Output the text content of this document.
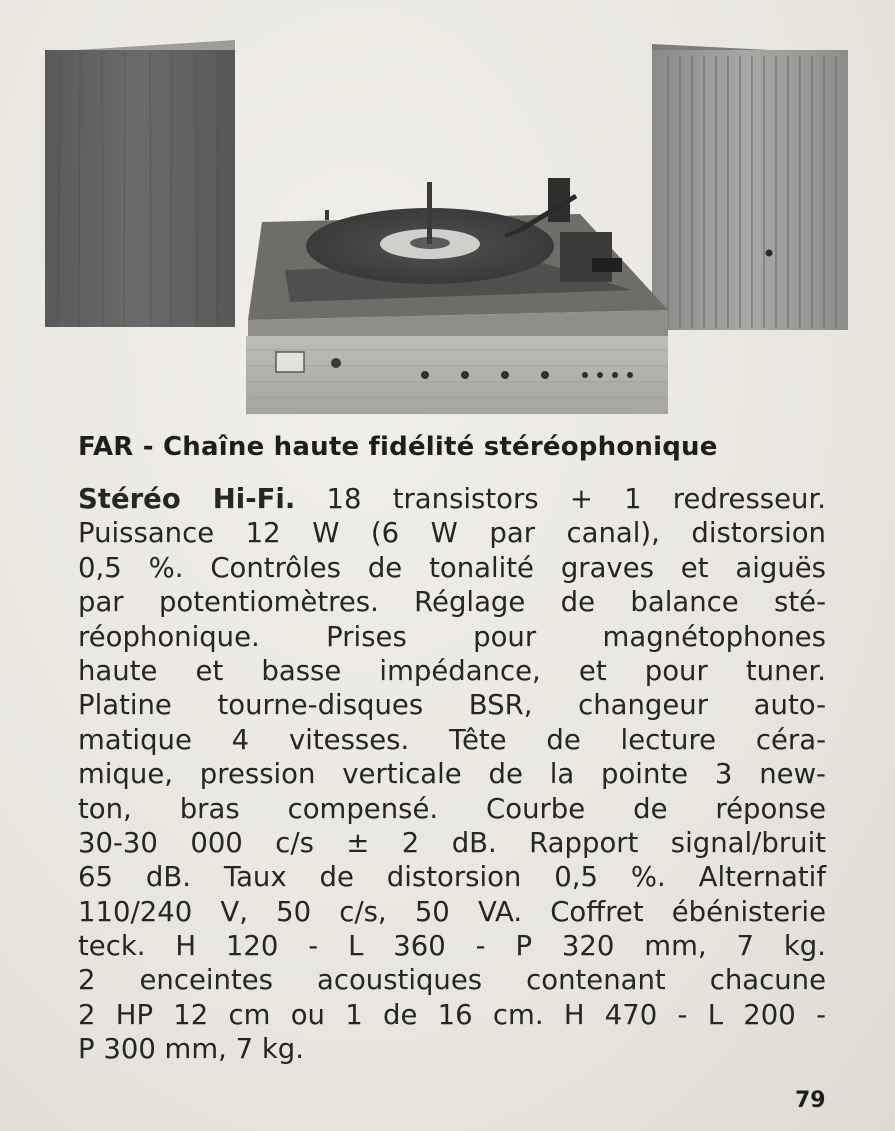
FAR - Chaîne haute fidélité stéréophonique
Stéréo Hi-Fi. 18 transistors + 1 redresseur.
Puissance 12 W (6 W par canal), distorsion
0,5 %. Contrôles de tonalité graves et aiguës
par potentiomètres. Réglage de balance sté-
réophonique. Prises pour magnétophones
haute et basse impédance, et pour tuner.
Platine tourne-disques BSR, changeur auto-
matique 4 vitesses. Tête de lecture céra-
mique, pression verticale de la pointe 3 new-
ton, bras compensé. Courbe de réponse
30-30 000 c/s ± 2 dB. Rapport signal/bruit
65 dB. Taux de distorsion 0,5 %. Alternatif
110/240 V, 50 c/s, 50 VA. Coffret ébénisterie
teck. H 120 - L 360 - P 320 mm, 7 kg.
2 enceintes acoustiques contenant chacune
2 HP 12 cm ou 1 de 16 cm. H 470 - L 200 -
P 300 mm, 7 kg.
79
